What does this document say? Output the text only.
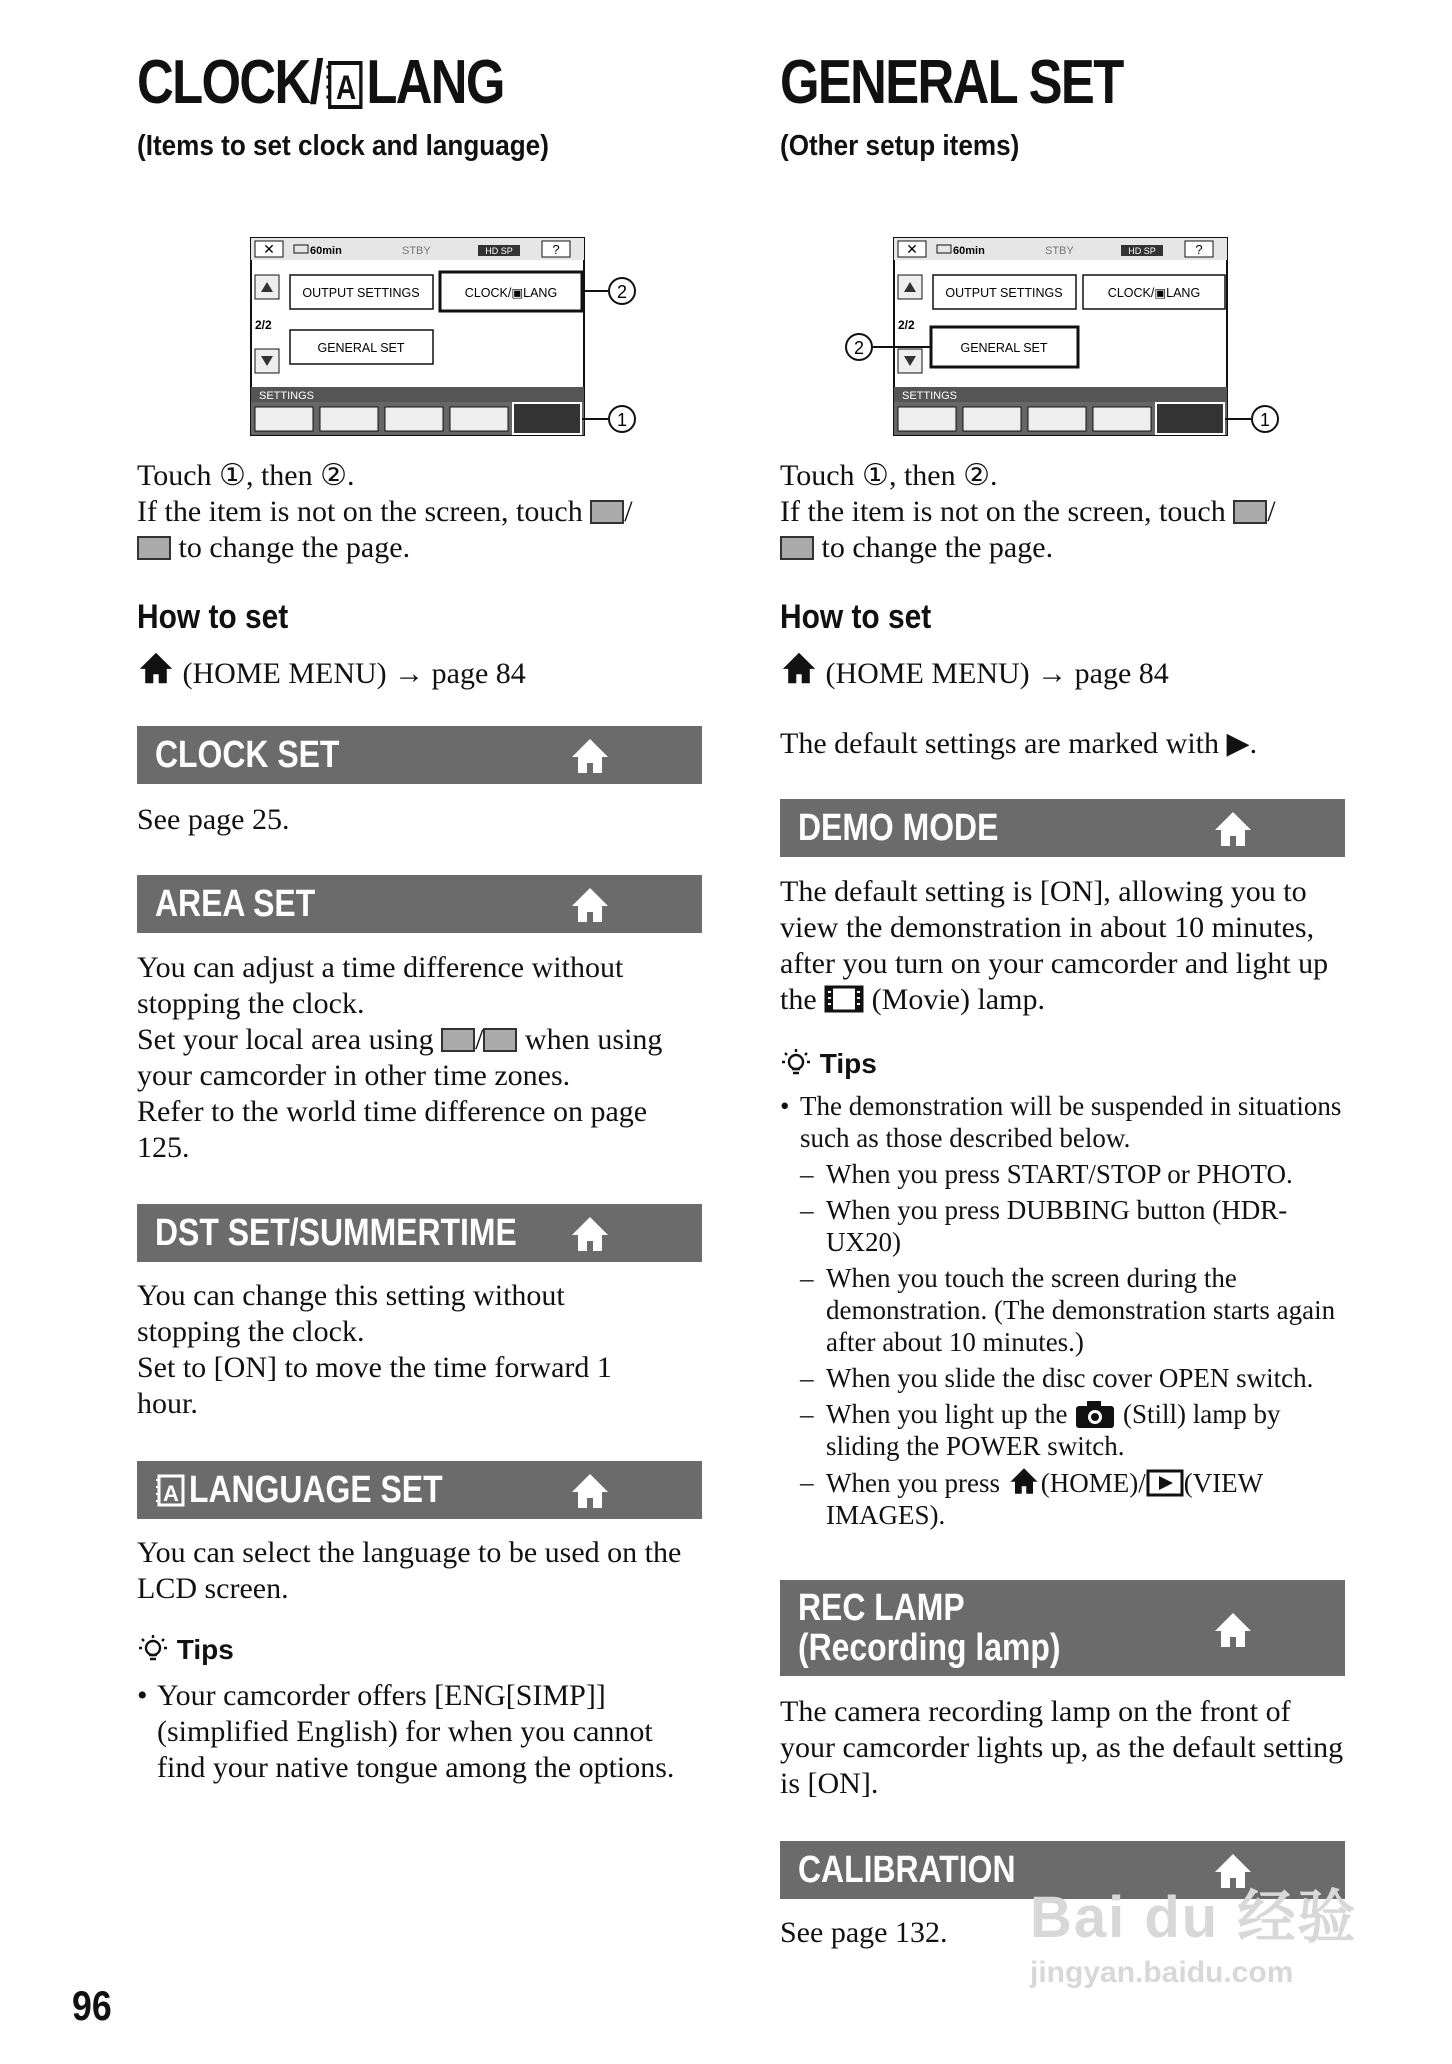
CLOCK/ A LANG
(Items to set clock and language)
✕	60min	STBY	HD SP	?
2/2
OUTPUT SETTINGS	CLOCK/▣LANG
GENERAL SET
SETTINGS
1
2
Touch ①, then ②.
If the item is not on the screen, touch /
to change the page.
How to set
(HOME MENU) → page 84
CLOCK SET
See page 25.
AREA SET
You can adjust a time difference without stopping the clock.
Set your local area using / when using your camcorder in other time zones.
Refer to the world time difference on page 125.
DST SET/SUMMERTIME
You can change this setting without stopping the clock.
Set to [ON] to move the time forward 1 hour.
A LANGUAGE SET
You can select the language to be used on the LCD screen.
Tips
• Your camcorder offers [ENG[SIMP]] (simplified English) for when you cannot find your native tongue among the options.
GENERAL SET
(Other setup items)
✕	60min	STBY	HD SP	?
2/2
OUTPUT SETTINGS	CLOCK/▣LANG
GENERAL SET
SETTINGS
1
2
Touch ①, then ②.
If the item is not on the screen, touch /
to change the page.
How to set
(HOME MENU) → page 84
The default settings are marked with ▶.
DEMO MODE
The default setting is [ON], allowing you to view the demonstration in about 10 minutes, after you turn on your camcorder and light up the (Movie) lamp.
Tips
• The demonstration will be suspended in situations such as those described below.
– When you press START/STOP or PHOTO.
– When you press DUBBING button (HDR-UX20)
– When you touch the screen during the demonstration. (The demonstration starts again after about 10 minutes.)
– When you slide the disc cover OPEN switch.
– When you light up the (Still) lamp by sliding the POWER switch.
– When you press (HOME)/ (VIEW IMAGES).
REC LAMP (Recording lamp)
The camera recording lamp on the front of your camcorder lights up, as the default setting is [ON].
CALIBRATION
See page 132.
96
Bai du 经验
jingyan.baidu.com
